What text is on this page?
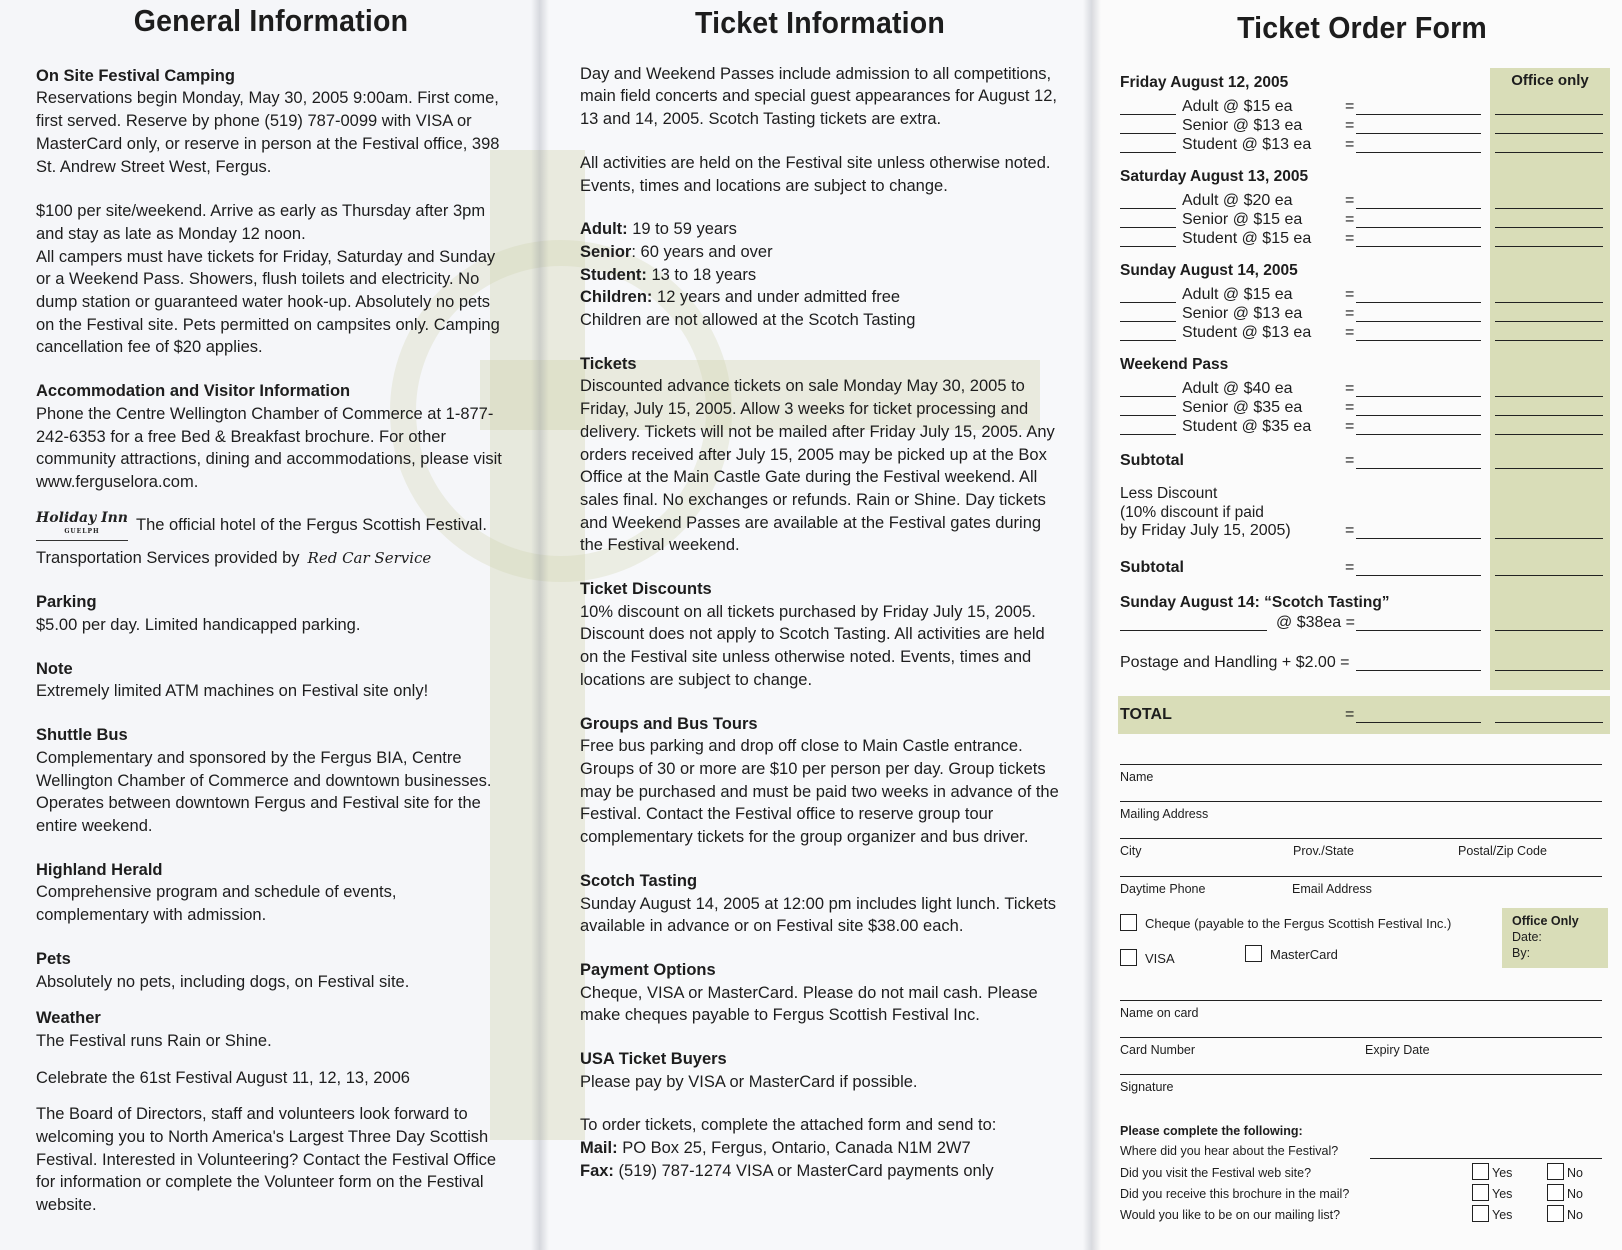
General Information
On Site Festival Camping

Reservations begin Monday, May 30, 2005 9:00am. First come, first served. Reserve by phone (519) 787-0099 with VISA or MasterCard only, or reserve in person at the Festival office, 398 St. Andrew Street West, Fergus.

$100 per site/weekend. Arrive as early as Thursday after 3pm and stay as late as Monday 12 noon.

All campers must have tickets for Friday, Saturday and Sunday or a Weekend Pass. Showers, flush toilets and electricity. No dump station or guaranteed water hook-up. Absolutely no pets on the Festival site. Pets permitted on campsites only. Camping cancellation fee of $20 applies.

Accommodation and Visitor Information

Phone the Centre Wellington Chamber of Commerce at 1-877-242-6353 for a free Bed & Breakfast brochure. For other community attractions, dining and accommodations, please visit www.ferguselora.com.

Holiday Inn
GUELPH	The official hotel of the Fergus Scottish Festival.
Transportation Services provided by Red Car Service
Parking

$5.00 per day. Limited handicapped parking.

Note

Extremely limited ATM machines on Festival site only!

Shuttle Bus

Complementary and sponsored by the Fergus BIA, Centre Wellington Chamber of Commerce and downtown businesses. Operates between downtown Fergus and Festival site for the entire weekend.

Highland Herald

Comprehensive program and schedule of events, complementary with admission.

Pets

Absolutely no pets, including dogs, on Festival site.

Weather

The Festival runs Rain or Shine.

Celebrate the 61st Festival August 11, 12, 13, 2006

The Board of Directors, staff and volunteers look forward to welcoming you to North America's Largest Three Day Scottish Festival. Interested in Volunteering? Contact the Festival Office for information or complete the Volunteer form on the Festival website.

Ticket Information

Day and Weekend Passes include admission to all competitions, main field concerts and special guest appearances for August 12, 13 and 14, 2005. Scotch Tasting tickets are extra.

All activities are held on the Festival site unless otherwise noted. Events, times and locations are subject to change.

Adult: 19 to 59 years

Senior: 60 years and over

Student: 13 to 18 years

Children: 12 years and under admitted free

Children are not allowed at the Scotch Tasting

Tickets

Discounted advance tickets on sale Monday May 30, 2005 to Friday, July 15, 2005. Allow 3 weeks for ticket processing and delivery. Tickets will not be mailed after Friday July 15, 2005. Any orders received after July 15, 2005 may be picked up at the Box Office at the Main Castle Gate during the Festival weekend. All sales final. No exchanges or refunds. Rain or Shine. Day tickets and Weekend Passes are available at the Festival gates during the Festival weekend.

Ticket Discounts

10% discount on all tickets purchased by Friday July 15, 2005. Discount does not apply to Scotch Tasting. All activities are held on the Festival site unless otherwise noted. Events, times and locations are subject to change.

Groups and Bus Tours

Free bus parking and drop off close to Main Castle entrance. Groups of 30 or more are $10 per person per day. Group tickets may be purchased and must be paid two weeks in advance of the Festival. Contact the Festival office to reserve group tour complementary tickets for the group organizer and bus driver.

Scotch Tasting

Sunday August 14, 2005 at 12:00 pm includes light lunch. Tickets available in advance or on Festival site $38.00 each.

Payment Options

Cheque, VISA or MasterCard. Please do not mail cash. Please make cheques payable to Fergus Scottish Festival Inc.

USA Ticket Buyers

Please pay by VISA or MasterCard if possible.

To order tickets, complete the attached form and send to:

Mail: PO Box 25, Fergus, Ontario, Canada N1M 2W7

Fax: (519) 787-1274 VISA or MasterCard payments only

Ticket Order Form
Office only
Friday August 12, 2005
Adult @ $15 ea	=
Senior @ $13 ea	=
Student @ $13 ea =
Saturday August 13, 2005
Adult @ $20 ea	=
Senior @ $15 ea	=
Student @ $15 ea =
Sunday August 14, 2005
Adult @ $15 ea	=
Senior @ $13 ea	=
Student @ $13 ea =
Weekend Pass
Adult @ $40 ea	=
Senior @ $35 ea	=
Student @ $35 ea =
Subtotal	=
Less Discount
(10% discount if paid
by Friday July 15, 2005)	=
Subtotal	=
Sunday August 14: “Scotch Tasting”
@ $38ea =
Postage and Handling + $2.00 =
TOTAL	=
Name
Mailing Address
City	Prov./State	Postal/Zip Code
Daytime Phone	Email Address
Cheque (payable to the Fergus Scottish Festival Inc.)
VISA	MasterCard
Office Only
Date:
By:
Name on card
Card Number	Expiry Date
Signature
Please complete the following:
Where did you hear about the Festival?
Did you visit the Festival web site?	Yes	No
Did you receive this brochure in the mail?	Yes	No
Would you like to be on our mailing list?	Yes	No
